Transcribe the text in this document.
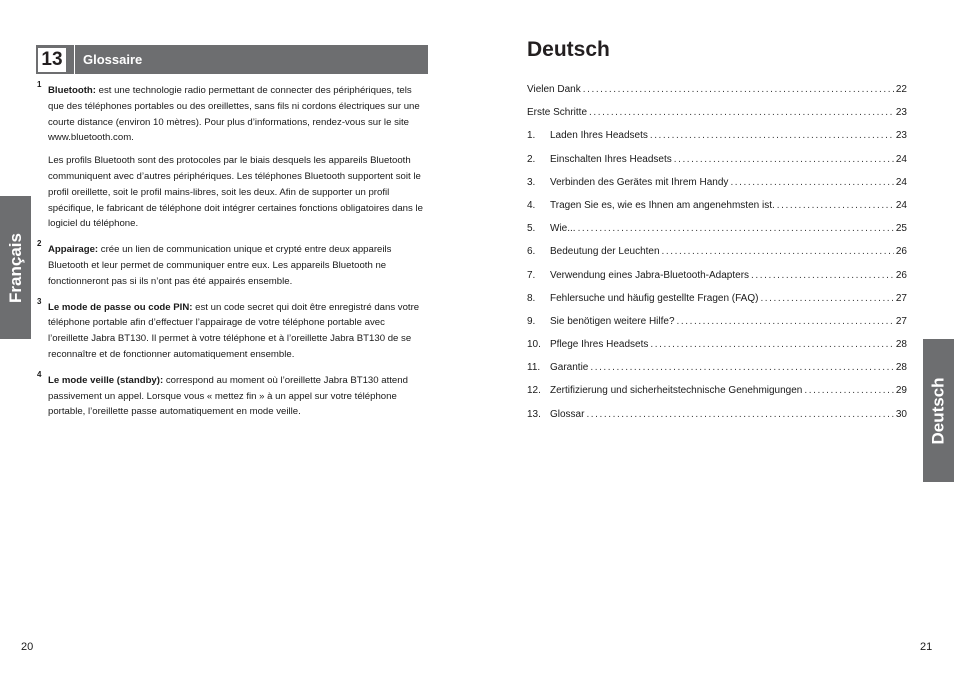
13	Glossaire
Français
1

Bluetooth: est une technologie radio permettant de connecter des périphériques, tels que des téléphones portables ou des oreillettes, sans fils ni cordons électriques sur une courte distance (environ 10 mètres). Pour plus d’informations, rendez-vous sur le site www.bluetooth.com.

Les profils Bluetooth sont des protocoles par le biais desquels les appareils Bluetooth communiquent avec d’autres périphériques. Les téléphones Bluetooth supportent soit le profil oreillette, soit le profil mains-libres, soit les deux. Afin de supporter un profil spécifique, le fabricant de téléphone doit intégrer certaines fonctions obligatoires dans le logiciel du téléphone.

2

Appairage: crée un lien de communication unique et crypté entre deux appareils Bluetooth et leur permet de communiquer entre eux. Les appareils Bluetooth ne fonctionneront pas si ils n’ont pas été appairés ensemble.

3

Le mode de passe ou code PIN: est un code secret qui doit être enregistré dans votre téléphone portable afin d’effectuer l’appairage de votre téléphone portable avec l’oreillette Jabra BT130. Il permet à votre téléphone et à l’oreillette Jabra BT130 de se reconnaître et de fonctionner automatiquement ensemble.

4

Le mode veille (standby): correspond au moment où l’oreillette Jabra BT130 attend passivement un appel. Lorsque vous « mettez fin » à un appel sur votre téléphone portable, l’oreillette passe automatiquement en mode veille.

20
Deutsch
Vielen Dank . . .	22
Erste Schritte . . .	23
1.	Laden Ihres Headsets . . .	23
2.	Einschalten Ihres Headsets . . .	24
3.	Verbinden des Gerätes mit Ihrem Handy . . .	24
4.	Tragen Sie es, wie es Ihnen am angenehmsten ist. . . .	24
5.	Wie... . . .	25
6.	Bedeutung der Leuchten . . .	26
7.	Verwendung eines Jabra-Bluetooth-Adapters . . .	26
8.	Fehlersuche und häufig gestellte Fragen (FAQ) . . .	27
9.	Sie benötigen weitere Hilfe? . . .	27
10. Pflege Ihres Headsets . . .	28
11. Garantie . . .	28
12. Zertifizierung und sicherheitstechnische Genehmigungen . . .	29
13. Glossar . . .	30 Deutsch
21
